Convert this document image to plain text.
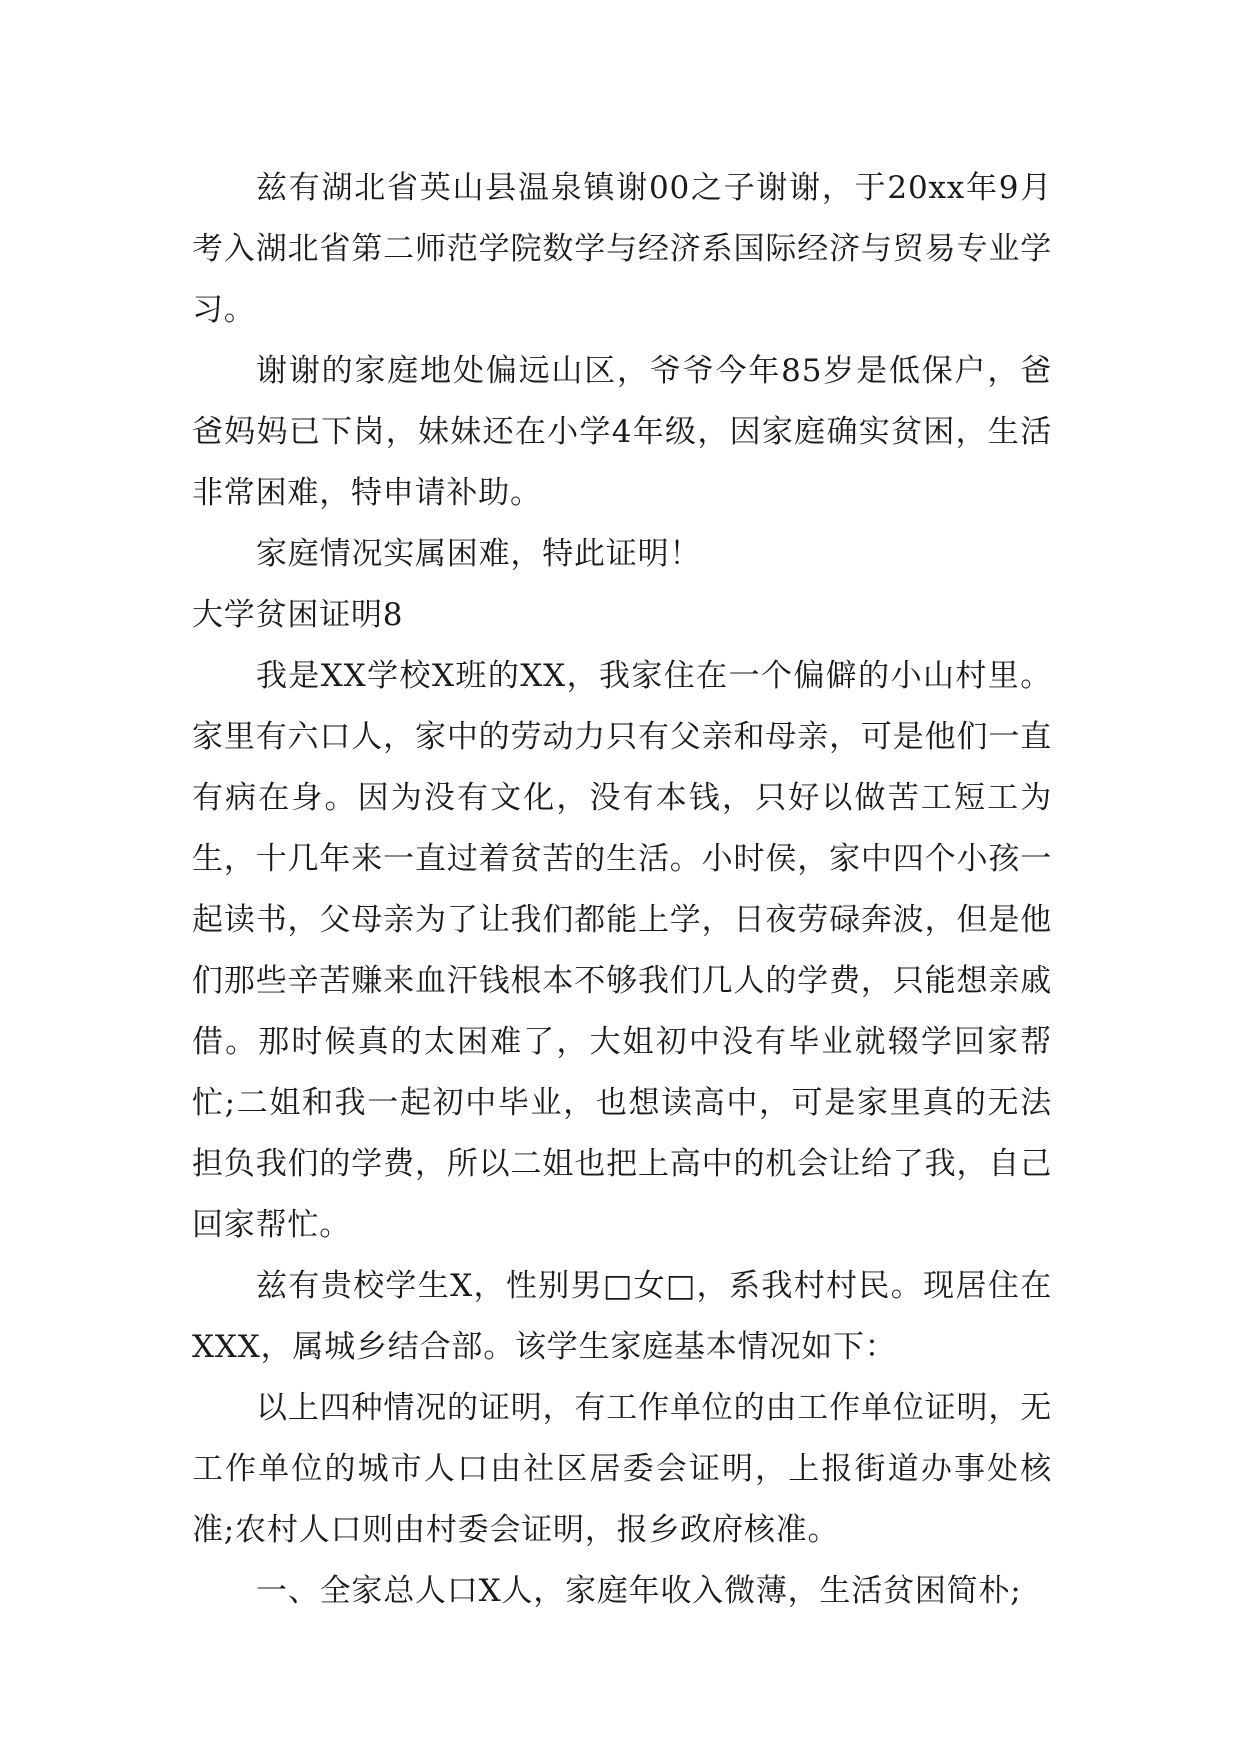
兹有湖北省英山县温泉镇谢00之子谢谢，于20xx年9月考入湖北省第二师范学院数学与经济系国际经济与贸易专业学习。

谢谢的家庭地处偏远山区，爷爷今年85岁是低保户，爸爸妈妈已下岗，妹妹还在小学4年级，因家庭确实贫困，生活非常困难，特申请补助。

家庭情况实属困难，特此证明！

大学贫困证明8

我是XX学校X班的XX，我家住在一个偏僻的小山村里。家里有六口人，家中的劳动力只有父亲和母亲，可是他们一直有病在身。因为没有文化，没有本钱，只好以做苦工短工为生，十几年来一直过着贫苦的生活。小时侯，家中四个小孩一起读书，父母亲为了让我们都能上学，日夜劳碌奔波，但是他们那些辛苦赚来血汗钱根本不够我们几人的学费，只能想亲戚借。那时候真的太困难了，大姐初中没有毕业就辍学回家帮忙;二姐和我一起初中毕业，也想读高中，可是家里真的无法担负我们的学费，所以二姐也把上高中的机会让给了我，自己回家帮忙。

兹有贵校学生X，性别男□女□，系我村村民。现居住在XXX，属城乡结合部。该学生家庭基本情况如下：

以上四种情况的证明，有工作单位的由工作单位证明，无工作单位的城市人口由社区居委会证明，上报街道办事处核准;农村人口则由村委会证明，报乡政府核准。

一、全家总人口X人，家庭年收入微薄，生活贫困简朴;
